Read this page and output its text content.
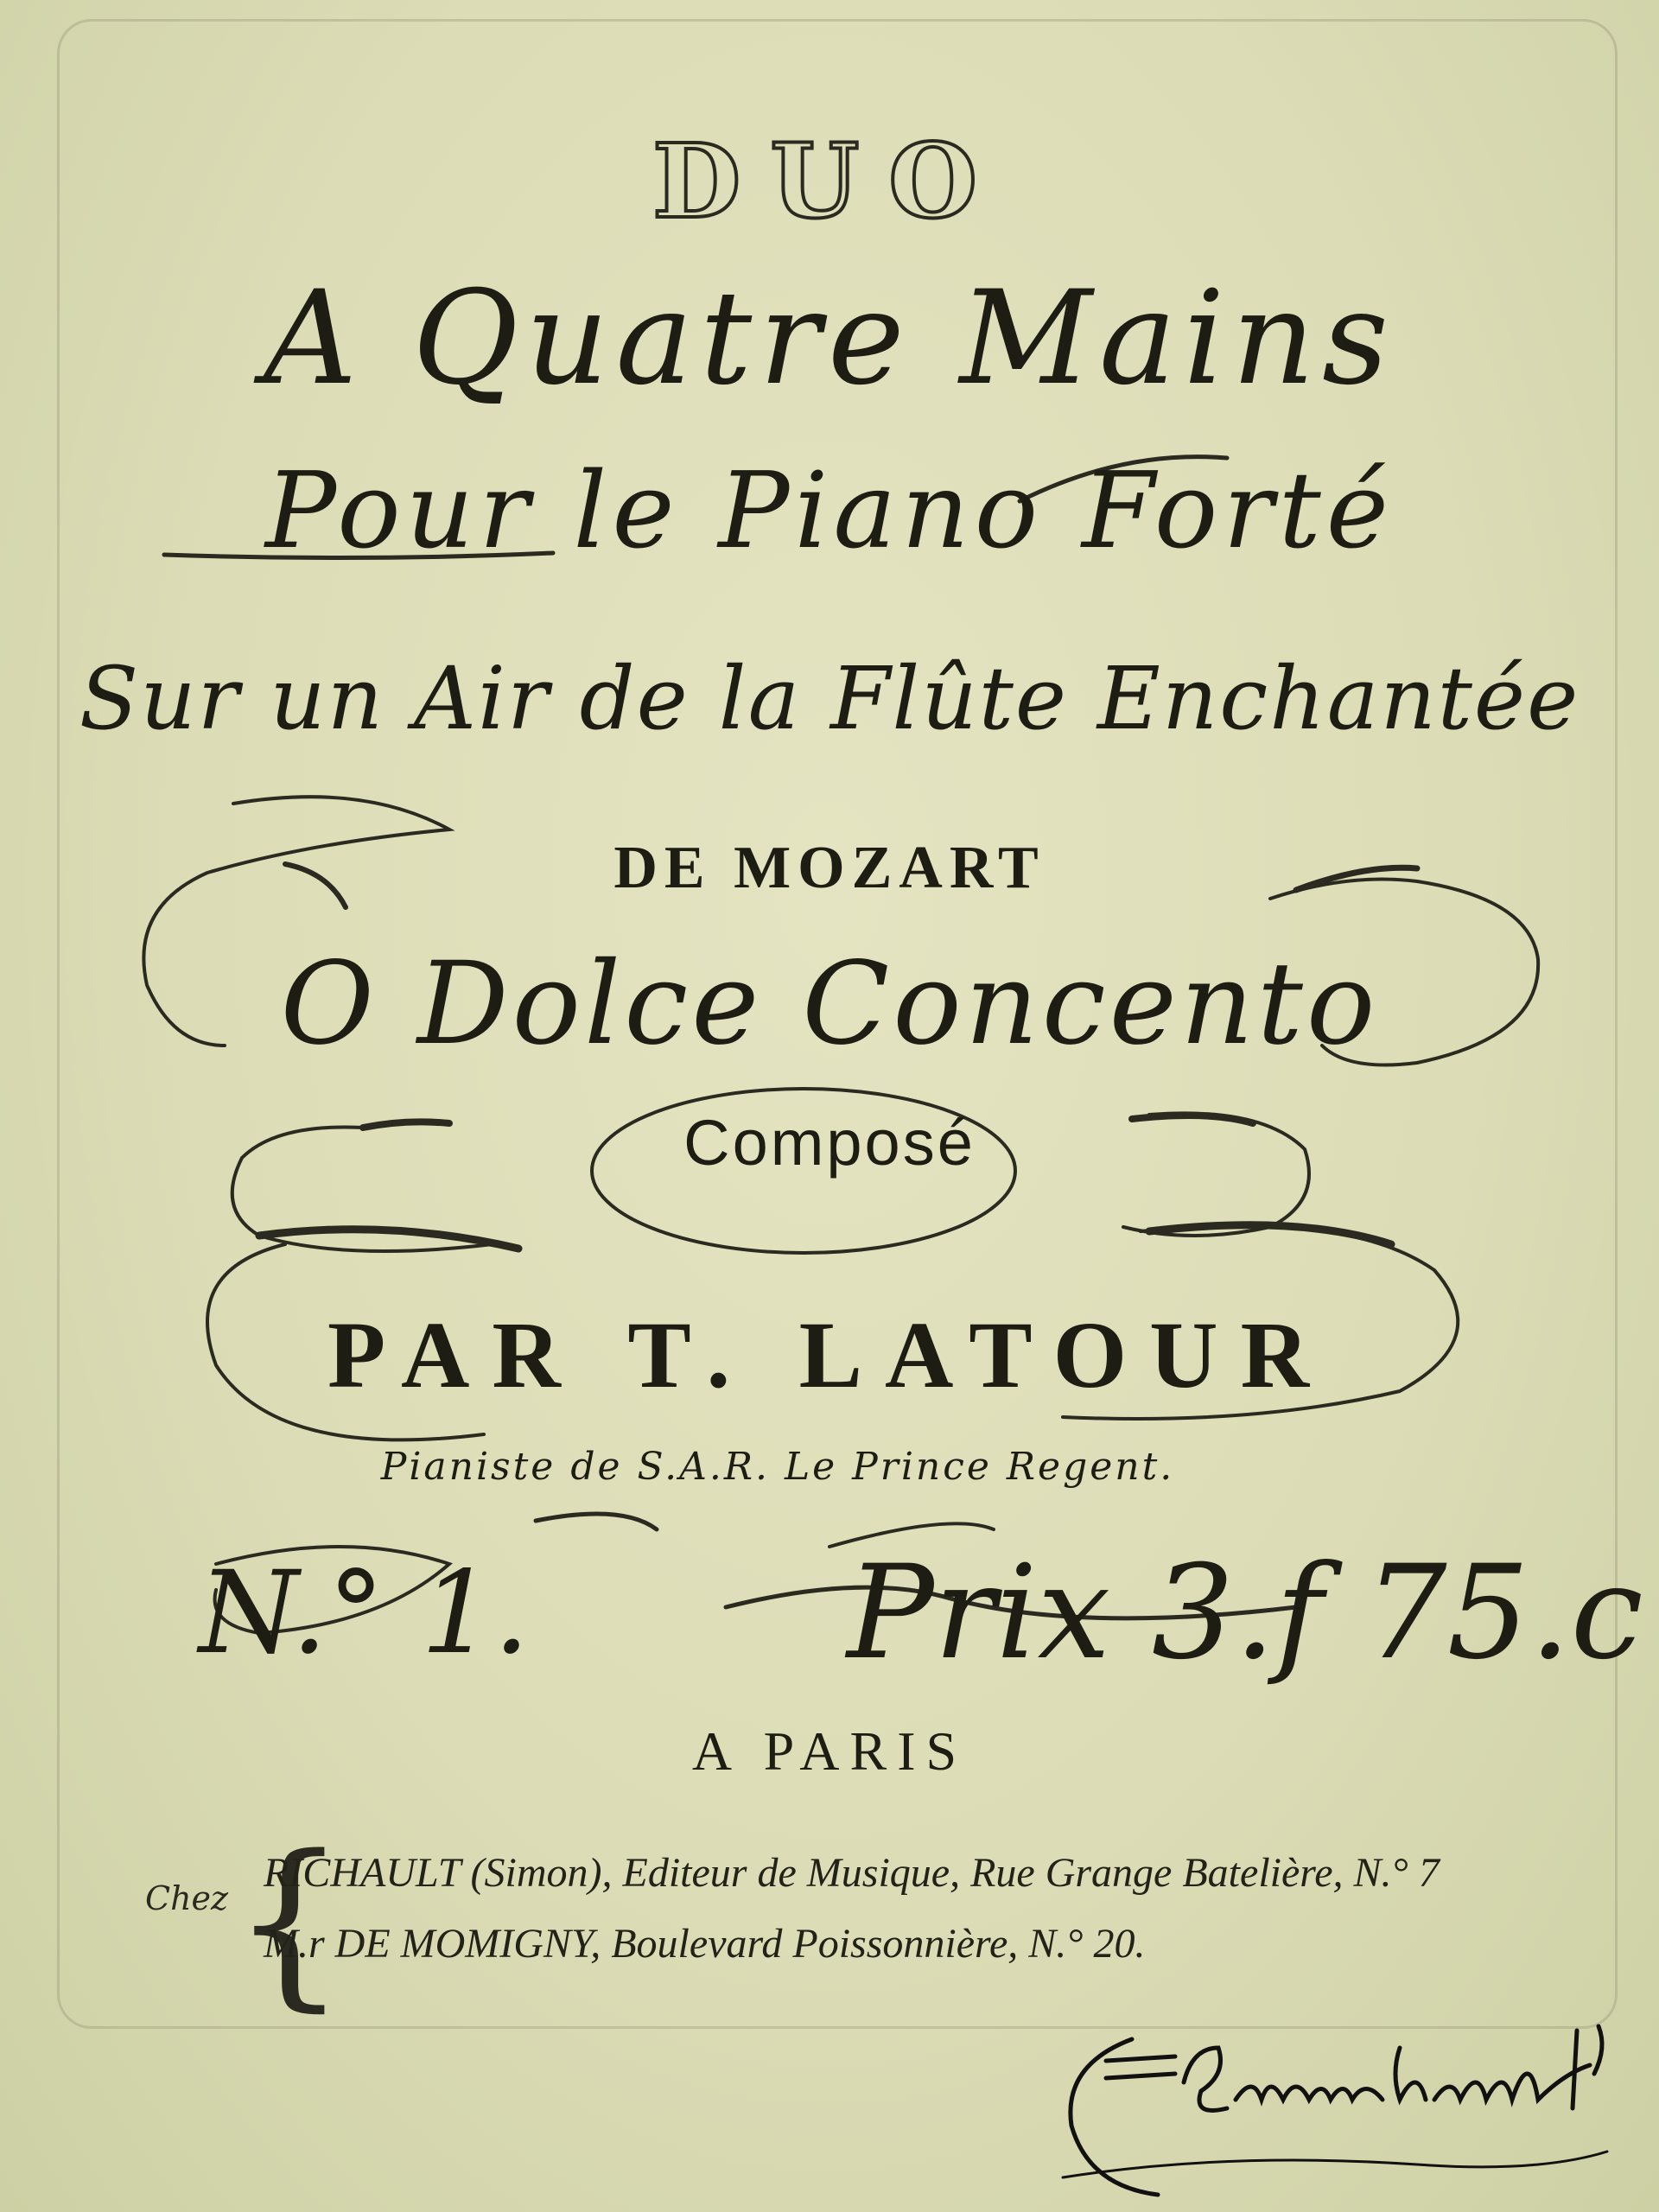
DUO
A Quatre Mains
Pour le Piano Forté
Sur un Air de la Flûte Enchantée
DE MOZART
O Dolce Concento
Composé
PAR T. LATOUR
Pianiste de S.A.R. Le Prince Regent.
N.° 1. Prix 3.f 75.c
A PARIS
Chez {
RICHAULT (Simon), Editeur de Musique, Rue Grange Batelière, N.° 7
M.r DE MOMIGNY, Boulevard Poissonnière, N.° 20.
